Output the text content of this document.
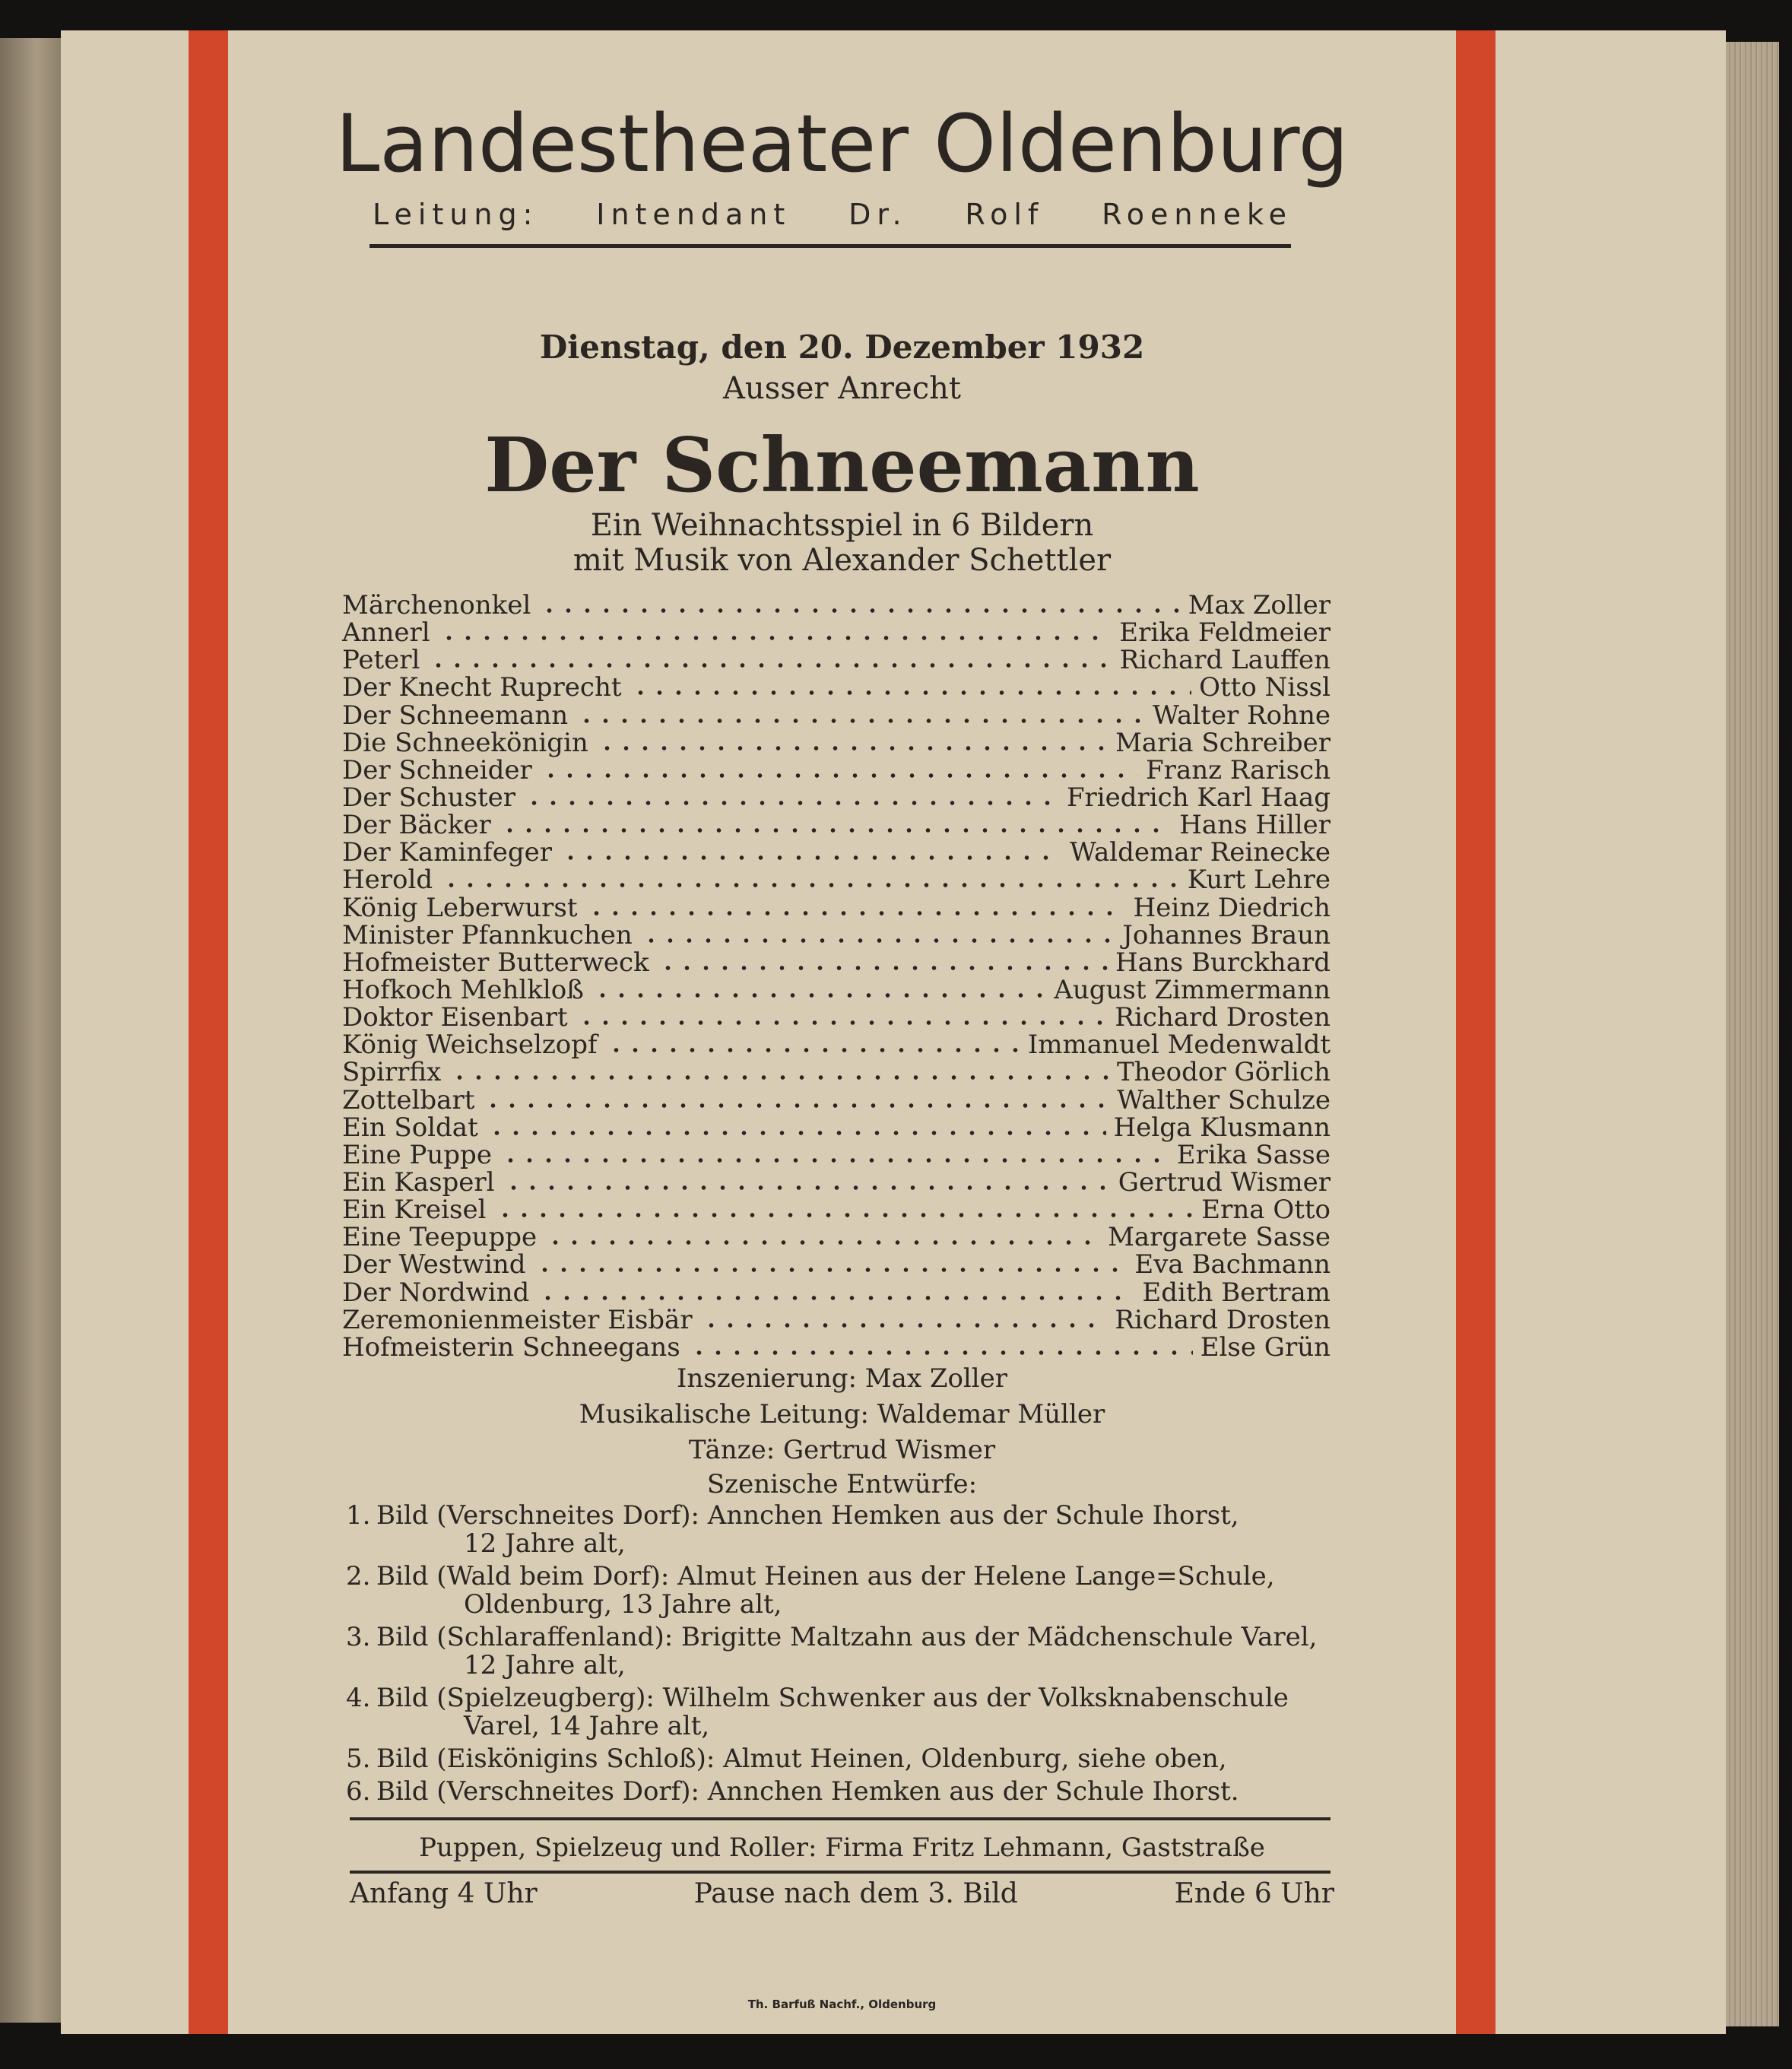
Landestheater Oldenburg
Leitung: Intendant Dr. Rolf Roenneke
Dienstag, den 20. Dezember 1932
Ausser Anrecht
Der Schneemann
Ein Weihnachtsspiel in 6 Bildern
mit Musik von Alexander Schettler
Märchenonkel	Max Zoller
Annerl	Erika Feldmeier
Peterl	Richard Lauffen
Der Knecht Ruprecht	Otto Nissl
Der Schneemann	Walter Rohne
Die Schneekönigin	Maria Schreiber
Der Schneider	Franz Rarisch
Der Schuster	Friedrich Karl Haag
Der Bäcker	Hans Hiller
Der Kaminfeger	Waldemar Reinecke
Herold	Kurt Lehre
König Leberwurst	Heinz Diedrich
Minister Pfannkuchen	Johannes Braun
Hofmeister Butterweck	Hans Burckhard
Hofkoch Mehlkloß	August Zimmermann
Doktor Eisenbart	Richard Drosten
König Weichselzopf	Immanuel Medenwaldt
Spirrfix	Theodor Görlich
Zottelbart	Walther Schulze
Ein Soldat	Helga Klusmann
Eine Puppe	Erika Sasse
Ein Kasperl	Gertrud Wismer
Ein Kreisel	Erna Otto
Eine Teepuppe	Margarete Sasse
Der Westwind	Eva Bachmann
Der Nordwind	Edith Bertram
Zeremonienmeister Eisbär	Richard Drosten
Hofmeisterin Schneegans	Else Grün
Inszenierung: Max Zoller
Musikalische Leitung: Waldemar Müller
Tänze: Gertrud Wismer
Szenische Entwürfe:
1. Bild (Verschneites Dorf): Annchen Hemken aus der Schule Ihorst,
12 Jahre alt,
2. Bild (Wald beim Dorf): Almut Heinen aus der Helene Lange=Schule,
Oldenburg, 13 Jahre alt,
3. Bild (Schlaraffenland): Brigitte Maltzahn aus der Mädchenschule Varel,
12 Jahre alt,
4. Bild (Spielzeugberg): Wilhelm Schwenker aus der Volksknabenschule
Varel, 14 Jahre alt,
5. Bild (Eiskönigins Schloß): Almut Heinen, Oldenburg, siehe oben,
6. Bild (Verschneites Dorf): Annchen Hemken aus der Schule Ihorst.
Puppen, Spielzeug und Roller: Firma Fritz Lehmann, Gaststraße
Anfang 4 Uhr	Pause nach dem 3. Bild	Ende 6 Uhr
Th. Barfuß Nachf., Oldenburg
